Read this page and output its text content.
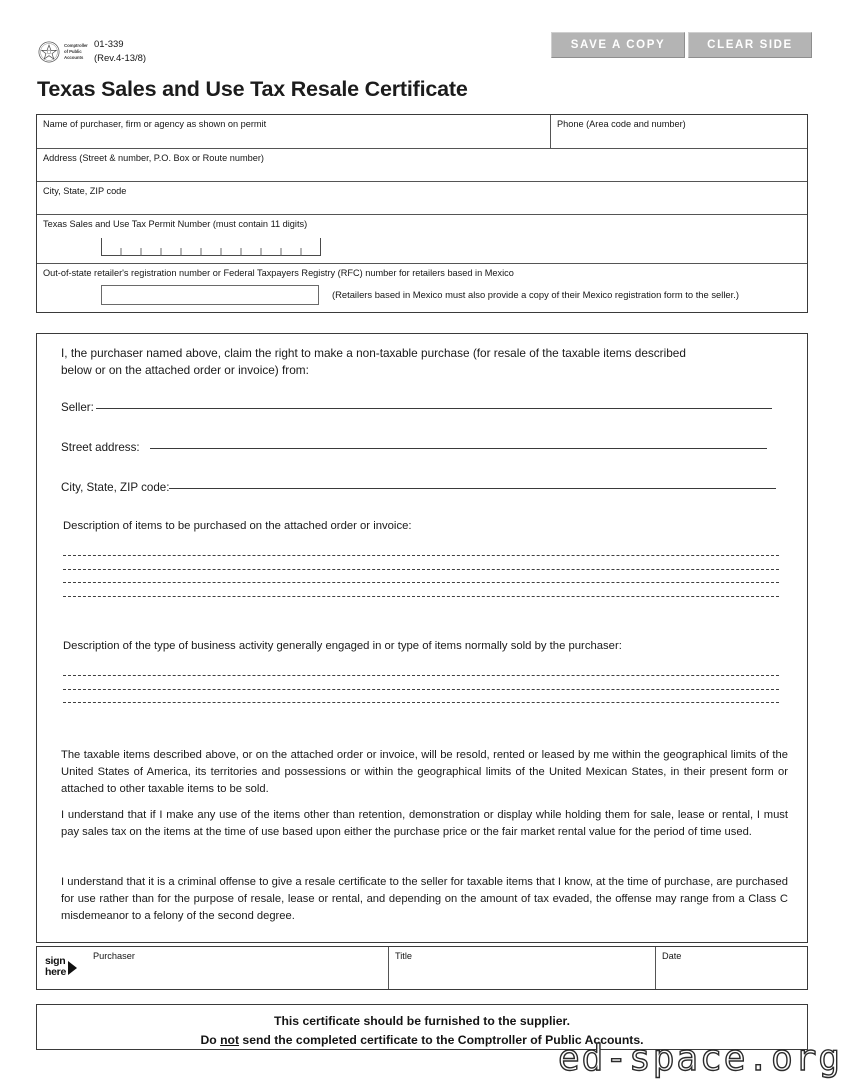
Comptroller of Public Accounts
01-339
(Rev.4-13/8)
SAVE A COPY	CLEAR SIDE
Texas Sales and Use Tax Resale Certificate
Name of purchaser, firm or agency as shown on permit	Phone (Area code and number)
Address (Street & number, P.O. Box or Route number)
City, State, ZIP code
Texas Sales and Use Tax Permit Number (must contain 11 digits)
Out-of-state retailer's registration number or Federal Taxpayers Registry (RFC) number for retailers based in Mexico
(Retailers based in Mexico must also provide a copy of their Mexico registration form to the seller.)
I, the purchaser named above, claim the right to make a non-taxable purchase (for resale of the taxable items described below or on the attached order or invoice) from:
Seller:
Street address:
City, State, ZIP code:
Description of items to be purchased on the attached order or invoice:
Description of the type of business activity generally engaged in or type of items normally sold by the purchaser:
The taxable items described above, or on the attached order or invoice, will be resold, rented or leased by me within the geographical limits of the United States of America, its territories and possessions or within the geographical limits of the United Mexican States, in their present form or attached to other taxable items to be sold.
I understand that if I make any use of the items other than retention, demonstration or display while holding them for sale, lease or rental, I must pay sales tax on the items at the time of use based upon either the purchase price or the fair market rental value for the period of time used.
I understand that it is a criminal offense to give a resale certificate to the seller for taxable items that I know, at the time of purchase, are purchased for use rather than for the purpose of resale, lease or rental, and depending on the amount of tax evaded, the offense may range from a Class C misdemeanor to a felony of the second degree.
sign
here
Purchaser	Title	Date
This certificate should be furnished to the supplier.
Do not send the completed certificate to the Comptroller of Public Accounts.
ed-space.org
